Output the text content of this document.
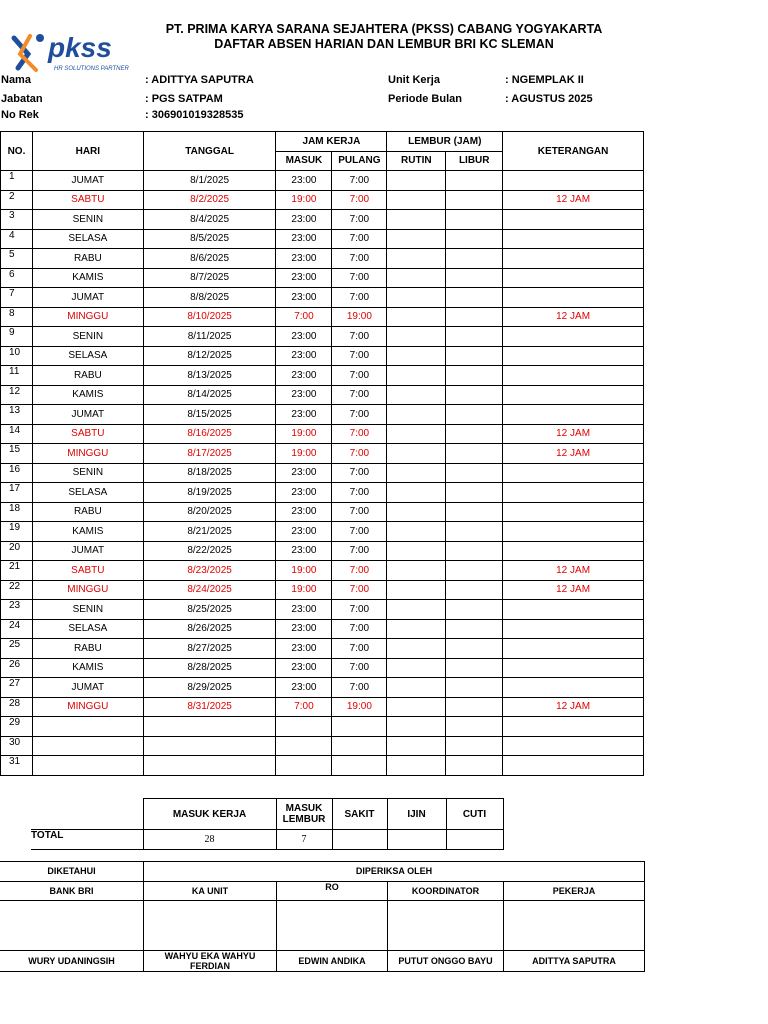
PT. PRIMA KARYA SARANA SEJAHTERA (PKSS) CABANG YOGYAKARTA
DAFTAR ABSEN HARIAN DAN LEMBUR BRI KC SLEMAN
pkss
HR SOLUTIONS PARTNER
Nama	: ADITTYA SAPUTRA
Jabatan	: PGS SATPAM
No Rek	: 306901019328535
Unit Kerja	: NGEMPLAK II
Periode Bulan	: AGUSTUS 2025
NO.	HARI	TANGGAL	JAM KERJA		LEMBUR (JAM)		KETERANGAN
			MASUK	PULANG	RUTIN	LIBUR	
1	JUMAT	8/1/2025	23:00	7:00			
2	SABTU	8/2/2025	19:00	7:00			12 JAM
3	SENIN	8/4/2025	23:00	7:00			
4	SELASA	8/5/2025	23:00	7:00			
5	RABU	8/6/2025	23:00	7:00			
6	KAMIS	8/7/2025	23:00	7:00			
7	JUMAT	8/8/2025	23:00	7:00			
8	MINGGU	8/10/2025	7:00	19:00			12 JAM
9	SENIN	8/11/2025	23:00	7:00			
10	SELASA	8/12/2025	23:00	7:00			
11	RABU	8/13/2025	23:00	7:00			
12	KAMIS	8/14/2025	23:00	7:00			
13	JUMAT	8/15/2025	23:00	7:00			
14	SABTU	8/16/2025	19:00	7:00			12 JAM
15	MINGGU	8/17/2025	19:00	7:00			12 JAM
16	SENIN	8/18/2025	23:00	7:00			
17	SELASA	8/19/2025	23:00	7:00			
18	RABU	8/20/2025	23:00	7:00			
19	KAMIS	8/21/2025	23:00	7:00			
20	JUMAT	8/22/2025	23:00	7:00			
21	SABTU	8/23/2025	19:00	7:00			12 JAM
22	MINGGU	8/24/2025	19:00	7:00			12 JAM
23	SENIN	8/25/2025	23:00	7:00			
24	SELASA	8/26/2025	23:00	7:00			
25	RABU	8/27/2025	23:00	7:00			
26	KAMIS	8/28/2025	23:00	7:00			
27	JUMAT	8/29/2025	23:00	7:00			
28	MINGGU	8/31/2025	7:00	19:00			12 JAM
29							
30							
31							
	MASUK KERJA	MASUK LEMBUR	SAKIT	IJIN	CUTI
TOTAL	28	7			
DIKETAHUI	DIPERIKSA OLEH			
BANK BRI	KA UNIT	RO	KOORDINATOR	PEKERJA

WURY UDANINGSIH	WAHYU EKA WAHYU FERDIAN	EDWIN ANDIKA	PUTUT ONGGO BAYU	ADITTYA SAPUTRA
